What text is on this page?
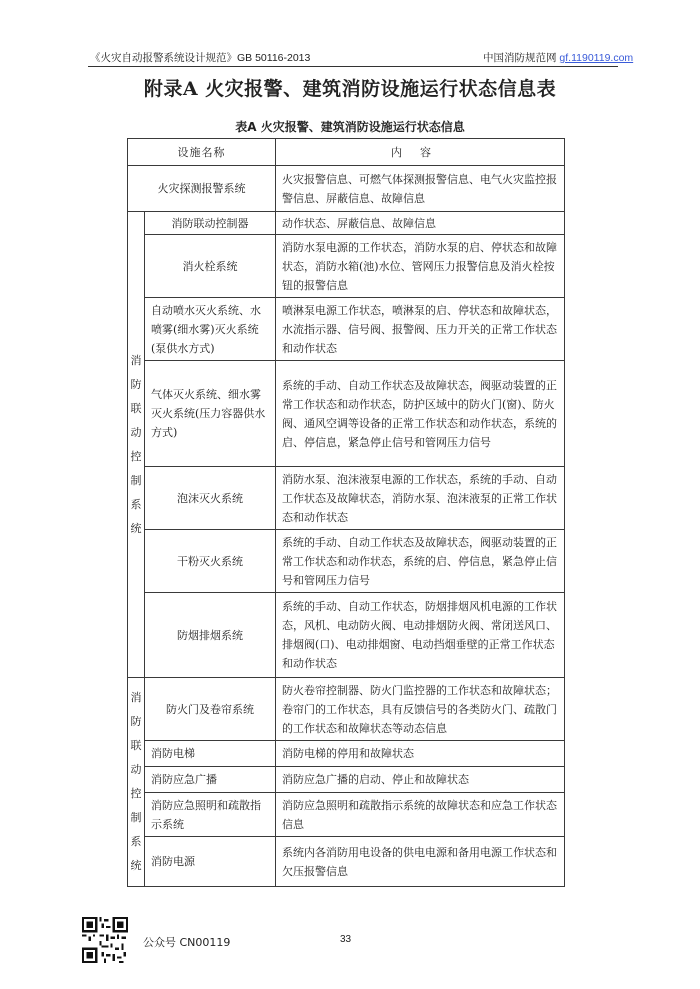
《火灾自动报警系统设计规范》GB 50116-2013	中国消防规范网 gf.1190119.com
附录A 火灾报警、建筑消防设施运行状态信息表
表A 火灾报警、建筑消防设施运行状态信息
设施名称		内容
火灾探测报警系统		火灾报警信息、可燃气体探测报警信息、电气火灾监控报警信息、屏蔽信息、故障信息
消防联动控制系统	消防联动控制器	动作状态、屏蔽信息、故障信息
	消火栓系统	消防水泵电源的工作状态，消防水泵的启、停状态和故障状态，消防水箱(池)水位、管网压力报警信息及消火栓按钮的报警信息
	自动喷水灭火系统、水喷雾(细水雾)灭火系统(泵供水方式)	喷淋泵电源工作状态，喷淋泵的启、停状态和故障状态，水流指示器、信号阀、报警阀、压力开关的正常工作状态和动作状态
	气体灭火系统、细水雾灭火系统(压力容器供水方式)	系统的手动、自动工作状态及故障状态，阀驱动装置的正常工作状态和动作状态，防护区域中的防火门(窗)、防火阀、通风空调等设备的正常工作状态和动作状态，系统的启、停信息，紧急停止信号和管网压力信号
	泡沫灭火系统	消防水泵、泡沫液泵电源的工作状态，系统的手动、自动工作状态及故障状态，消防水泵、泡沫液泵的正常工作状态和动作状态
	干粉灭火系统	系统的手动、自动工作状态及故障状态，阀驱动装置的正常工作状态和动作状态，系统的启、停信息，紧急停止信号和管网压力信号
	防烟排烟系统	系统的手动、自动工作状态，防烟排烟风机电源的工作状态，风机、电动防火阀、电动排烟防火阀、常闭送风口、排烟阀(口)、电动排烟窗、电动挡烟垂壁的正常工作状态和动作状态
消防联动控制系统	防火门及卷帘系统	防火卷帘控制器、防火门监控器的工作状态和故障状态；卷帘门的工作状态，具有反馈信号的各类防火门、疏散门的工作状态和故障状态等动态信息
	消防电梯	消防电梯的停用和故障状态
	消防应急广播	消防应急广播的启动、停止和故障状态
	消防应急照明和疏散指示系统	消防应急照明和疏散指示系统的故障状态和应急工作状态信息
	消防电源	系统内各消防用电设备的供电电源和备用电源工作状态和欠压报警信息
公众号 CN00119	33
